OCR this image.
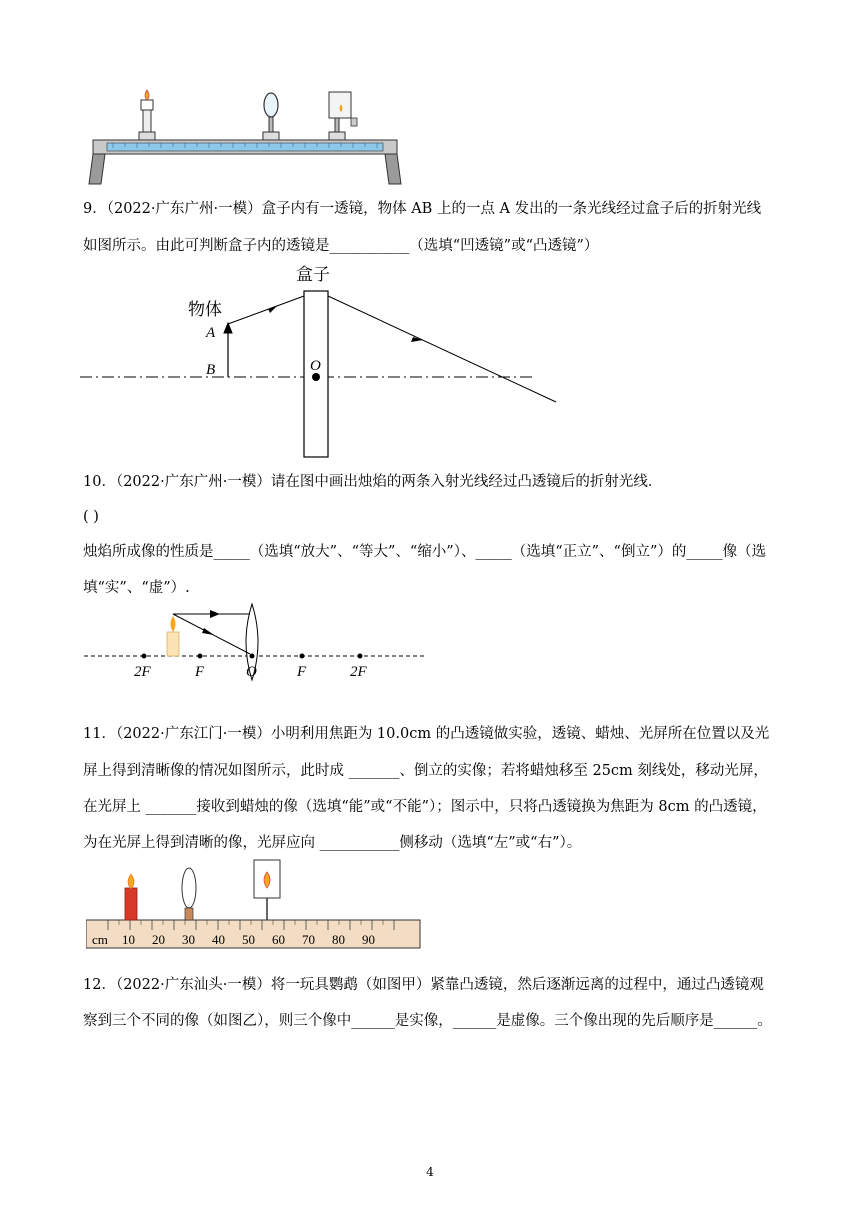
9．（2022·广东广州·一模）盒子内有一透镜，物体 AB 上的一点 A 发出的一条光线经过盒子后的折射光线
如图所示。由此可判断盒子内的透镜是___________（选填“凹透镜”或“凸透镜”）
盒子
物体
A
B	O
10．（2022·广东广州·一模）请在图中画出烛焰的两条入射光线经过凸透镜后的折射光线．
( )
烛焰所成像的性质是_____（选填“放大”、“等大”、“缩小”）、_____（选填“正立”、“倒立”）的_____像（选
填“实”、“虚”）.
2F	F	O	F	2F
11．（2022·广东江门·一模）小明利用焦距为 10.0cm 的凸透镜做实验，透镜、蜡烛、光屏所在位置以及光
屏上得到清晰像的情况如图所示，此时成 _______、倒立的实像；若将蜡烛移至 25cm 刻线处，移动光屏，
在光屏上 _______接收到蜡烛的像（选填“能”或“不能”）；图示中，只将凸透镜换为焦距为 8cm 的凸透镜，
为在光屏上得到清晰的像，光屏应向 ___________侧移动（选填“左”或“右”）。
cm 10 20 30 40 50 60 70 80 90
12．（2022·广东汕头·一模）将一玩具鹦鹉（如图甲）紧靠凸透镜，然后逐渐远离的过程中，通过凸透镜观
察到三个不同的像（如图乙），则三个像中______是实像，______是虚像。三个像出现的先后顺序是______。
4
